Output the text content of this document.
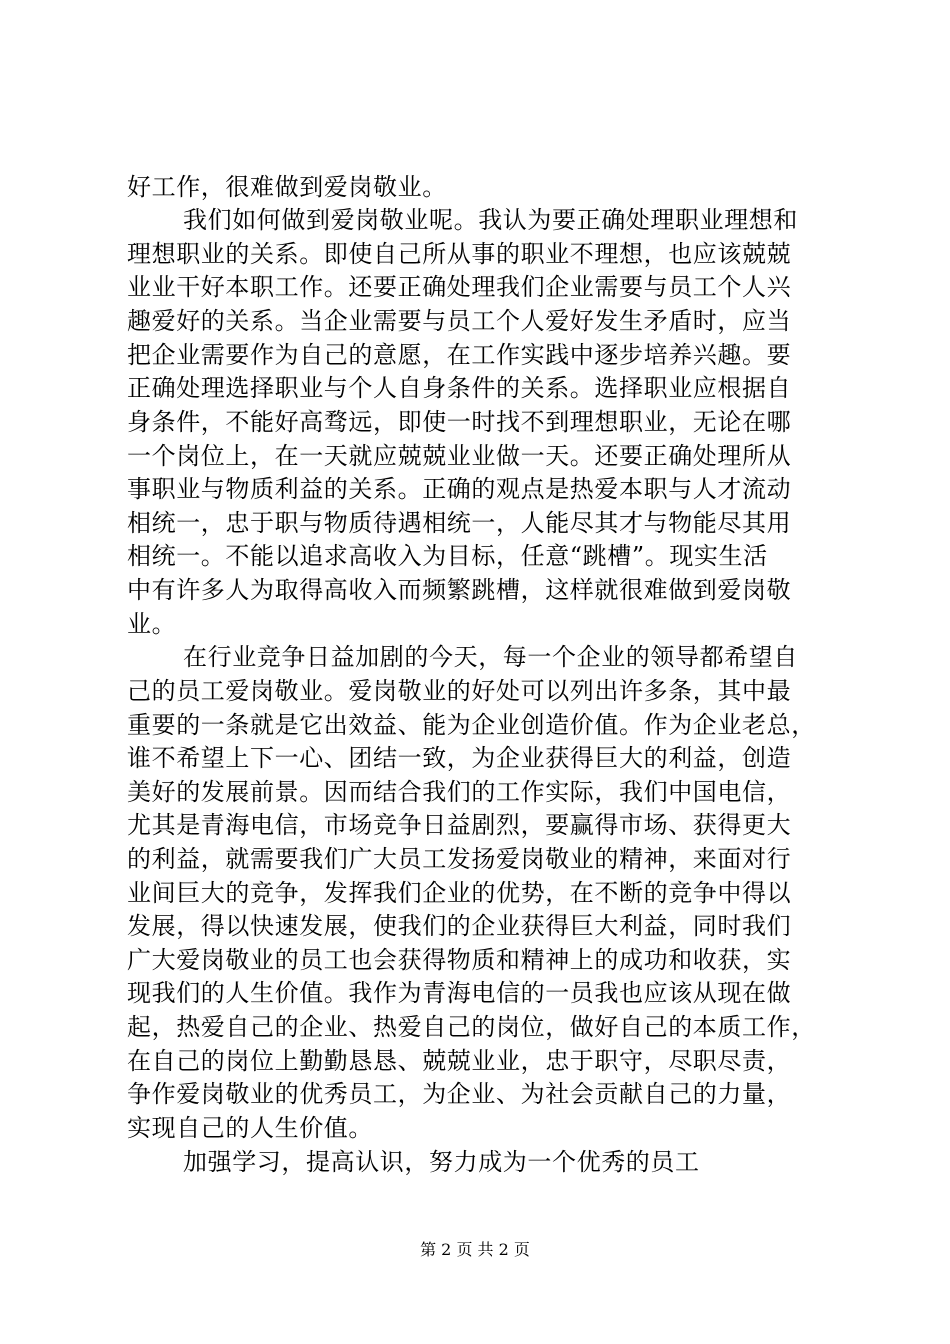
好工作，很难做到爱岗敬业。
我们如何做到爱岗敬业呢。我认为要正确处理职业理想和
理想职业的关系。即使自己所从事的职业不理想，也应该兢兢
业业干好本职工作。还要正确处理我们企业需要与员工个人兴
趣爱好的关系。当企业需要与员工个人爱好发生矛盾时，应当
把企业需要作为自己的意愿，在工作实践中逐步培养兴趣。要
正确处理选择职业与个人自身条件的关系。选择职业应根据自
身条件，不能好高骛远，即使一时找不到理想职业，无论在哪
一个岗位上，在一天就应兢兢业业做一天。还要正确处理所从
事职业与物质利益的关系。正确的观点是热爱本职与人才流动
相统一，忠于职与物质待遇相统一，人能尽其才与物能尽其用
相统一。不能以追求高收入为目标，任意“跳槽”。现实生活
中有许多人为取得高收入而频繁跳槽，这样就很难做到爱岗敬
业。
在行业竞争日益加剧的今天，每一个企业的领导都希望自
己的员工爱岗敬业。爱岗敬业的好处可以列出许多条，其中最
重要的一条就是它出效益、能为企业创造价值。作为企业老总，
谁不希望上下一心、团结一致，为企业获得巨大的利益，创造
美好的发展前景。因而结合我们的工作实际，我们中国电信，
尤其是青海电信，市场竞争日益剧烈，要赢得市场、获得更大
的利益，就需要我们广大员工发扬爱岗敬业的精神，来面对行
业间巨大的竞争，发挥我们企业的优势，在不断的竞争中得以
发展，得以快速发展，使我们的企业获得巨大利益，同时我们
广大爱岗敬业的员工也会获得物质和精神上的成功和收获，实
现我们的人生价值。我作为青海电信的一员我也应该从现在做
起，热爱自己的企业、热爱自己的岗位，做好自己的本质工作，
在自己的岗位上勤勤恳恳、兢兢业业，忠于职守，尽职尽责，
争作爱岗敬业的优秀员工，为企业、为社会贡献自己的力量，
实现自己的人生价值。
加强学习，提高认识，努力成为一个优秀的员工
第 2 页 共 2 页
